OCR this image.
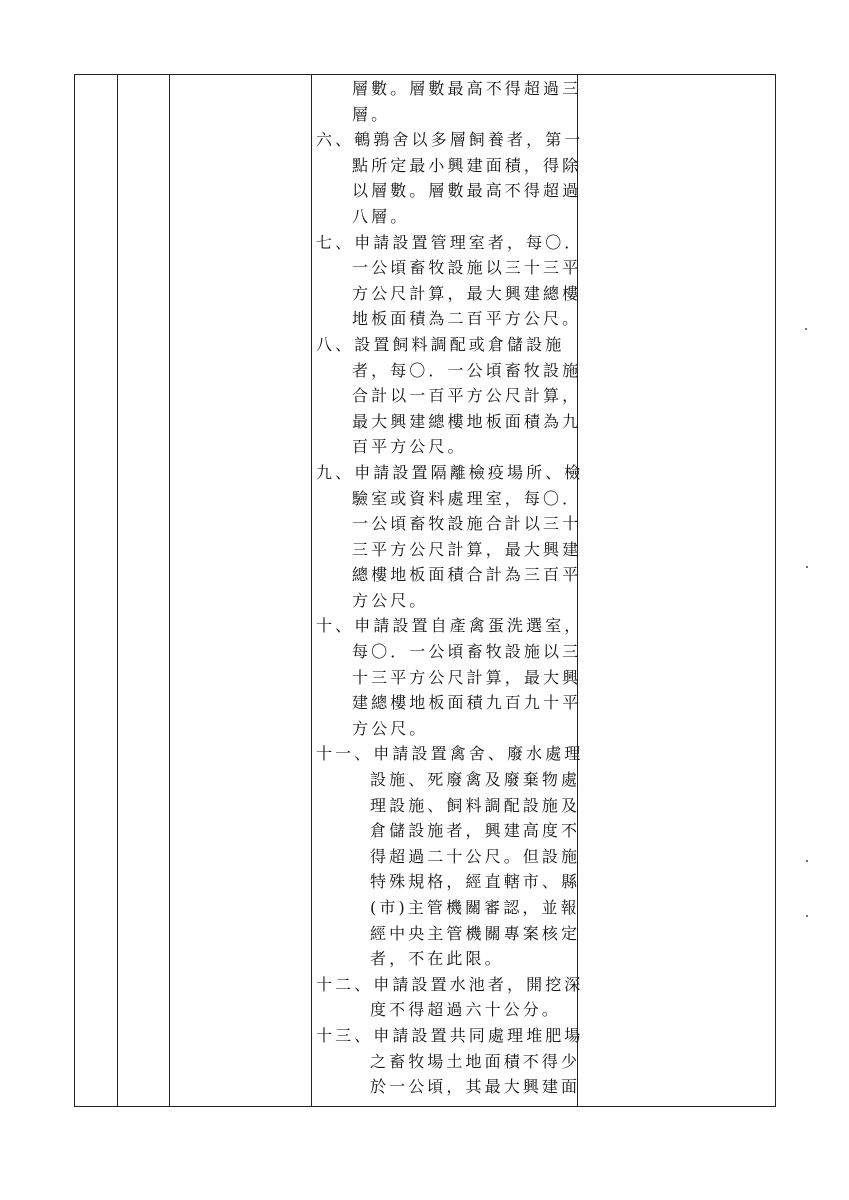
層數。層數最高不得超過三
層。
六、鵪鶉舍以多層飼養者，第一
點所定最小興建面積，得除
以層數。層數最高不得超過
八層。
七、申請設置管理室者，每〇．
一公頃畜牧設施以三十三平
方公尺計算，最大興建總樓
地板面積為二百平方公尺。
八、設置飼料調配或倉儲設施
者，每〇．一公頃畜牧設施
合計以一百平方公尺計算，
最大興建總樓地板面積為九
百平方公尺。
九、申請設置隔離檢疫場所、檢
驗室或資料處理室，每〇．
一公頃畜牧設施合計以三十
三平方公尺計算，最大興建
總樓地板面積合計為三百平
方公尺。
十、申請設置自產禽蛋洗選室，
每〇．一公頃畜牧設施以三
十三平方公尺計算，最大興
建總樓地板面積九百九十平
方公尺。
十一、申請設置禽舍、廢水處理
設施、死廢禽及廢棄物處
理設施、飼料調配設施及
倉儲設施者，興建高度不
得超過二十公尺。但設施
特殊規格，經直轄市、縣
(市)主管機關審認，並報
經中央主管機關專案核定
者，不在此限。
十二、申請設置水池者，開挖深
度不得超過六十公分。
十三、申請設置共同處理堆肥場
之畜牧場土地面積不得少
於一公頃，其最大興建面
